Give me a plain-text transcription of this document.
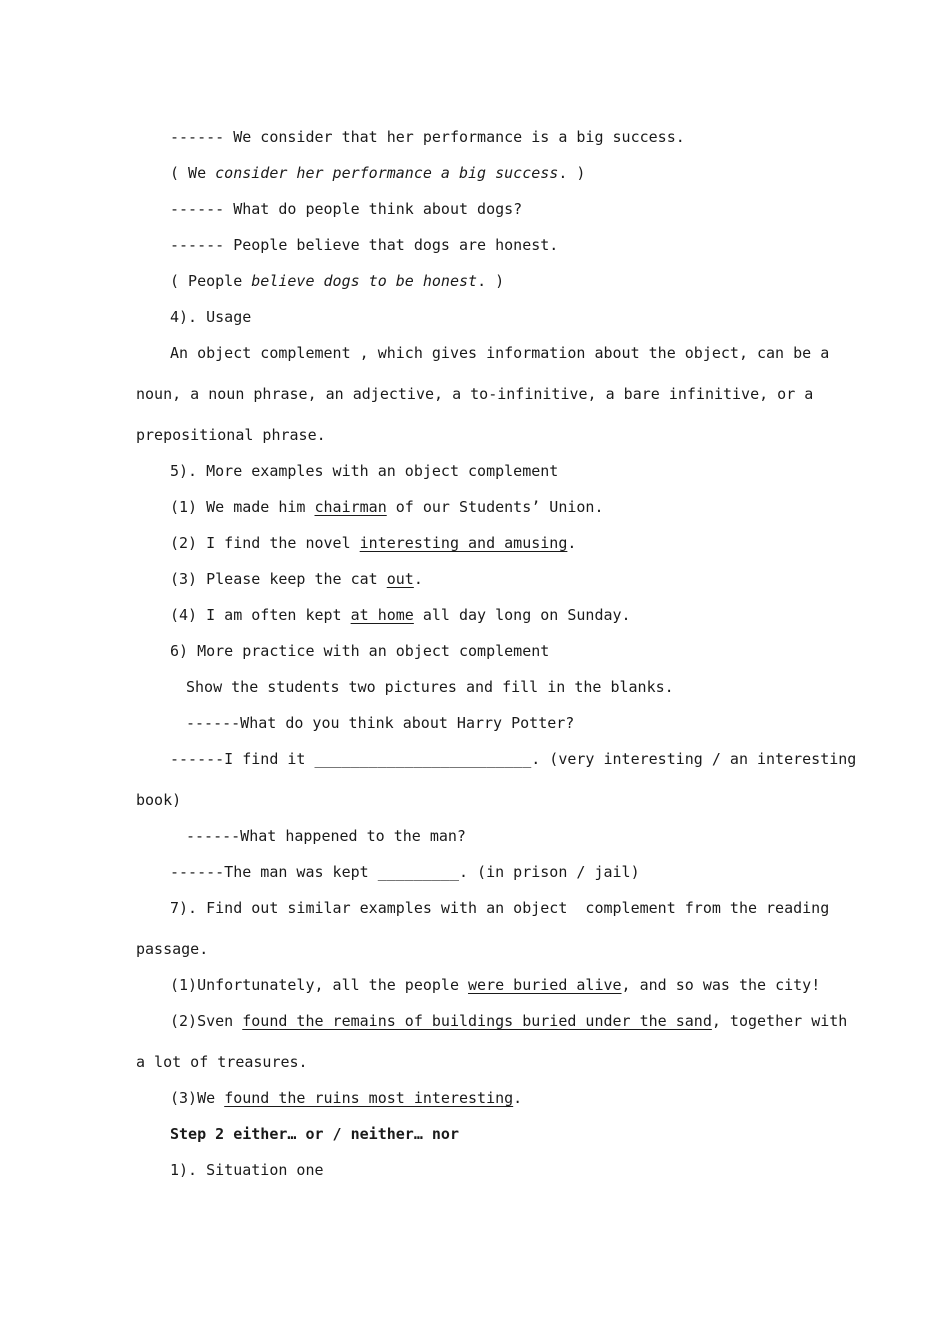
------ We consider that her performance is a big success.
( We consider her performance a big success. )
------ What do people think about dogs?
------ People believe that dogs are honest.
( People believe dogs to be honest. )
4). Usage
An object complement , which gives information about the object, can be a
noun, a noun phrase, an adjective, a to-infinitive, a bare infinitive, or a
prepositional phrase.
5). More examples with an object complement
(1) We made him chairman of our Students’ Union.
(2) I find the novel interesting and amusing.
(3) Please keep the cat out.
(4) I am often kept at home all day long on Sunday.
6) More practice with an object complement
Show the students two pictures and fill in the blanks.
------What do you think about Harry Potter?
------I find it ________________________. (very interesting / an interesting
book)
------What happened to the man?
------The man was kept _________. (in prison / jail)
7). Find out similar examples with an object  complement from the reading
passage.
(1)Unfortunately, all the people were buried alive, and so was the city!
(2)Sven found the remains of buildings buried under the sand, together with
a lot of treasures.
(3)We found the ruins most interesting.
Step 2 either… or / neither… nor
1). Situation one
